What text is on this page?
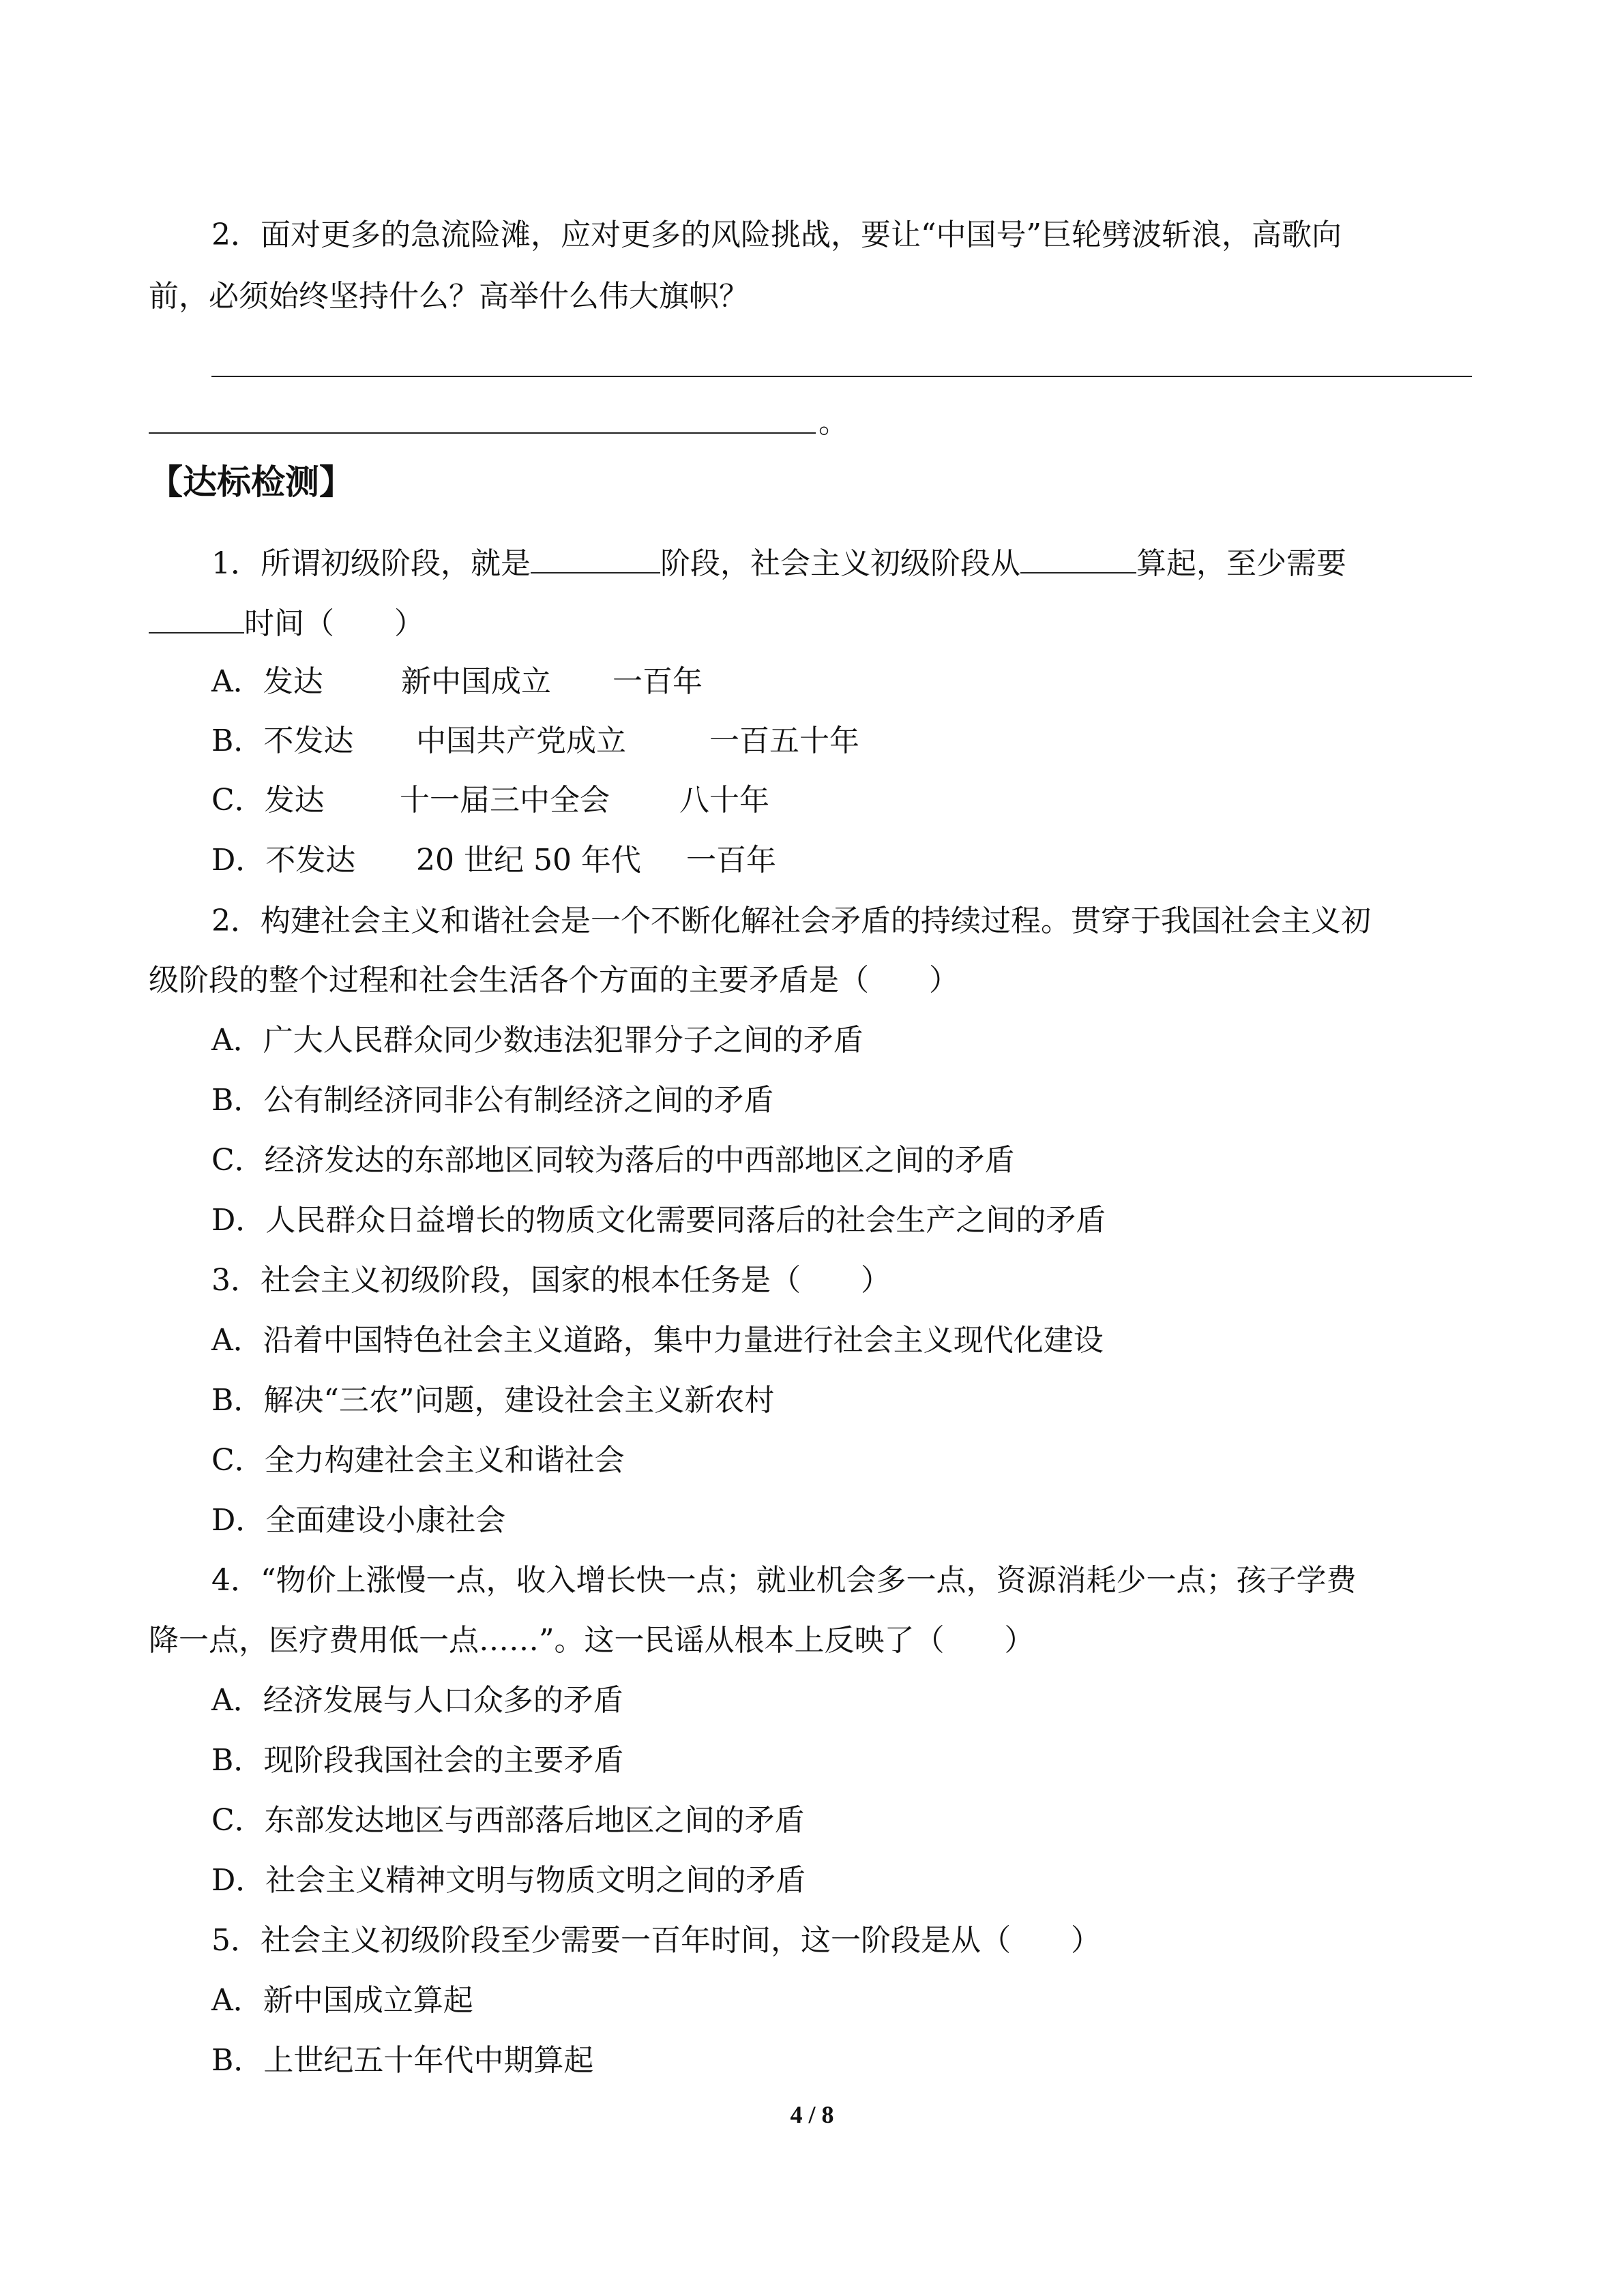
2．面对更多的急流险滩，应对更多的风险挑战，要让“中国号”巨轮劈波斩浪，高歌向
前，必须始终坚持什么？高举什么伟大旗帜？
。
【达标检测】
1．所谓初级阶段，就是	阶段，社会主义初级阶段从	算起，至少需要
时间（　　）
A．发达	新中国成立 一百年
B．不发达 中国共产党成立	一百五十年
C．发达	十一届三中全会 八十年
D．不发达 20 世纪 50 年代 一百年
2．构建社会主义和谐社会是一个不断化解社会矛盾的持续过程。贯穿于我国社会主义初
级阶段的整个过程和社会生活各个方面的主要矛盾是（　　）
A．广大人民群众同少数违法犯罪分子之间的矛盾
B．公有制经济同非公有制经济之间的矛盾
C．经济发达的东部地区同较为落后的中西部地区之间的矛盾
D．人民群众日益增长的物质文化需要同落后的社会生产之间的矛盾
3．社会主义初级阶段，国家的根本任务是（　　）
A．沿着中国特色社会主义道路，集中力量进行社会主义现代化建设
B．解决“三农”问题，建设社会主义新农村
C．全力构建社会主义和谐社会
D．全面建设小康社会
4．“物价上涨慢一点，收入增长快一点；就业机会多一点，资源消耗少一点；孩子学费
降一点，医疗费用低一点……”。这一民谣从根本上反映了（　　）
A．经济发展与人口众多的矛盾
B．现阶段我国社会的主要矛盾
C．东部发达地区与西部落后地区之间的矛盾
D．社会主义精神文明与物质文明之间的矛盾
5．社会主义初级阶段至少需要一百年时间，这一阶段是从（　　）
A．新中国成立算起
B．上世纪五十年代中期算起
4 / 8
